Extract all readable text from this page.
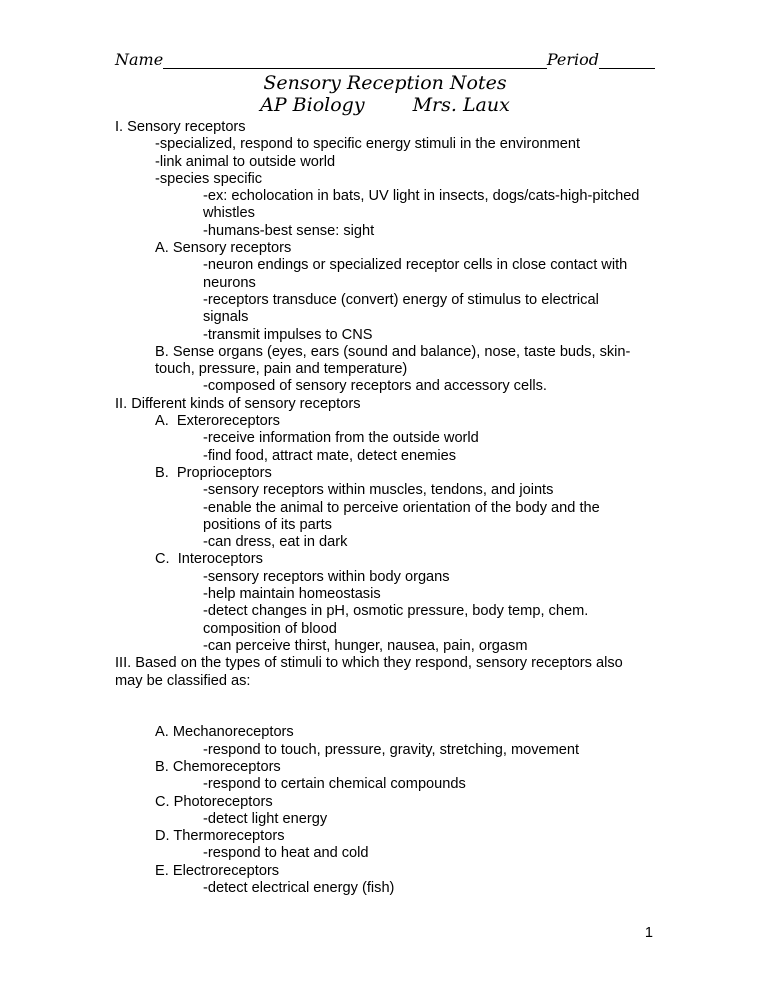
Name	Period
Sensory Reception Notes
AP Biology	Mrs. Laux
I. Sensory receptors
-specialized, respond to specific energy stimuli in the environment
-link animal to outside world
-species specific
-ex: echolocation in bats, UV light in insects, dogs/cats-high-pitched
whistles
-humans-best sense: sight
A. Sensory receptors
-neuron endings or specialized receptor cells in close contact with
neurons
-receptors transduce (convert) energy of stimulus to electrical
signals
-transmit impulses to CNS
B. Sense organs (eyes, ears (sound and balance), nose, taste buds, skin-
touch, pressure, pain and temperature)
-composed of sensory receptors and accessory cells.
II. Different kinds of sensory receptors
A.  Exteroreceptors
-receive information from the outside world
-find food, attract mate, detect enemies
B.  Proprioceptors
-sensory receptors within muscles, tendons, and joints
-enable the animal to perceive orientation of the body and the
positions of its parts
-can dress, eat in dark
C.  Interoceptors
-sensory receptors within body organs
-help maintain homeostasis
-detect changes in pH, osmotic pressure, body temp, chem.
composition of blood
-can perceive thirst, hunger, nausea, pain, orgasm
III. Based on the types of stimuli to which they respond, sensory receptors also
may be classified as:

A. Mechanoreceptors
-respond to touch, pressure, gravity, stretching, movement
B. Chemoreceptors
-respond to certain chemical compounds
C. Photoreceptors
-detect light energy
D. Thermoreceptors
-respond to heat and cold
E. Electroreceptors
-detect electrical energy (fish)
1
